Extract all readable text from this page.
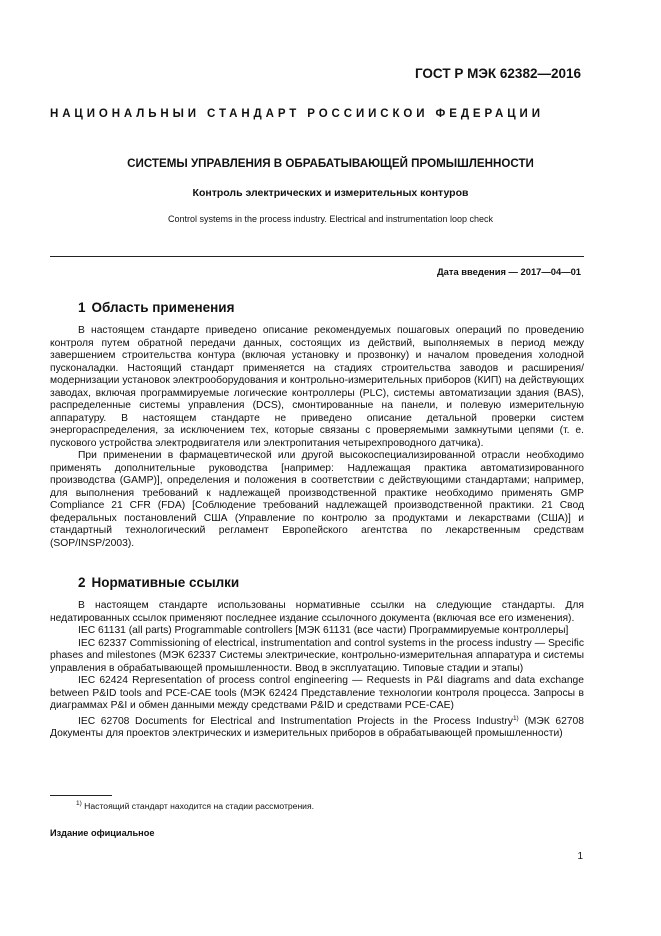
ГОСТ Р МЭК 62382—2016
НАЦИОНАЛЬНЫЙ СТАНДАРТ РОССИЙСКОЙ ФЕДЕРАЦИИ
СИСТЕМЫ УПРАВЛЕНИЯ В ОБРАБАТЫВАЮЩЕЙ ПРОМЫШЛЕННОСТИ
Контроль электрических и измерительных контуров
Control systems in the process industry. Electrical and instrumentation loop check
Дата введения — 2017—04—01
1 Область применения

В настоящем стандарте приведено описание рекомендуемых пошаговых операций по проведению контроля путем обратной передачи данных, состоящих из действий, выполняемых в период между завершением строительства контура (включая установку и прозвонку) и началом проведения холодной пусконаладки. Настоящий стандарт применяется на стадиях строительства заводов и расширения/модернизации установок электрооборудования и контрольно-измерительных приборов (КИП) на действующих заводах, включая программируемые логические контроллеры (PLC), системы автоматизации здания (BAS), распределенные системы управления (DCS), смонтированные на панели, и полевую измерительную аппаратуру. В настоящем стандарте не приведено описание детальной проверки систем энергораспределения, за исключением тех, которые связаны с проверяемыми замкнутыми цепями (т. е. пускового устройства электродвигателя или электропитания четырехпроводного датчика).

При применении в фармацевтической или другой высокоспециализированной отрасли необходимо применять дополнительные руководства [например: Надлежащая практика автоматизированного производства (GAMP)], определения и положения в соответствии с действующими стандартами; например, для выполнения требований к надлежащей производственной практике необходимо применять GMP Compliance 21 CFR (FDA) [Соблюдение требований надлежащей производственной практики. 21 Свод федеральных постановлений США (Управление по контролю за продуктами и лекарствами (США)] и стандартный технологический регламент Европейского агентства по лекарственным средствам (SOP/INSP/2003).

2 Нормативные ссылки

В настоящем стандарте использованы нормативные ссылки на следующие стандарты. Для недатированных ссылок применяют последнее издание ссылочного документа (включая все его изменения).

IEC 61131 (all parts) Programmable controllers [МЭК 61131 (все части) Программируемые контроллеры]

IEC 62337 Commissioning of electrical, instrumentation and control systems in the process industry — Specific phases and milestones (МЭК 62337 Системы электрические, контрольно-измерительная аппаратура и системы управления в обрабатывающей промышленности. Ввод в эксплуатацию. Типовые стадии и этапы)

IEC 62424 Representation of process control engineering — Requests in P&I diagrams and data exchange between P&ID tools and PCE-CAE tools (МЭК 62424 Представление технологии контроля процесса. Запросы в диаграммах P&I и обмен данными между средствами P&ID и средствами PCE-CAE)

IEC 62708 Documents for Electrical and Instrumentation Projects in the Process Industry$^{1)}$ (МЭК 62708 Документы для проектов электрических и измерительных приборов в обрабатывающей промышленности)

$^{1)}$ Настоящий стандарт находится на стадии рассмотрения.
Издание официальное
1
